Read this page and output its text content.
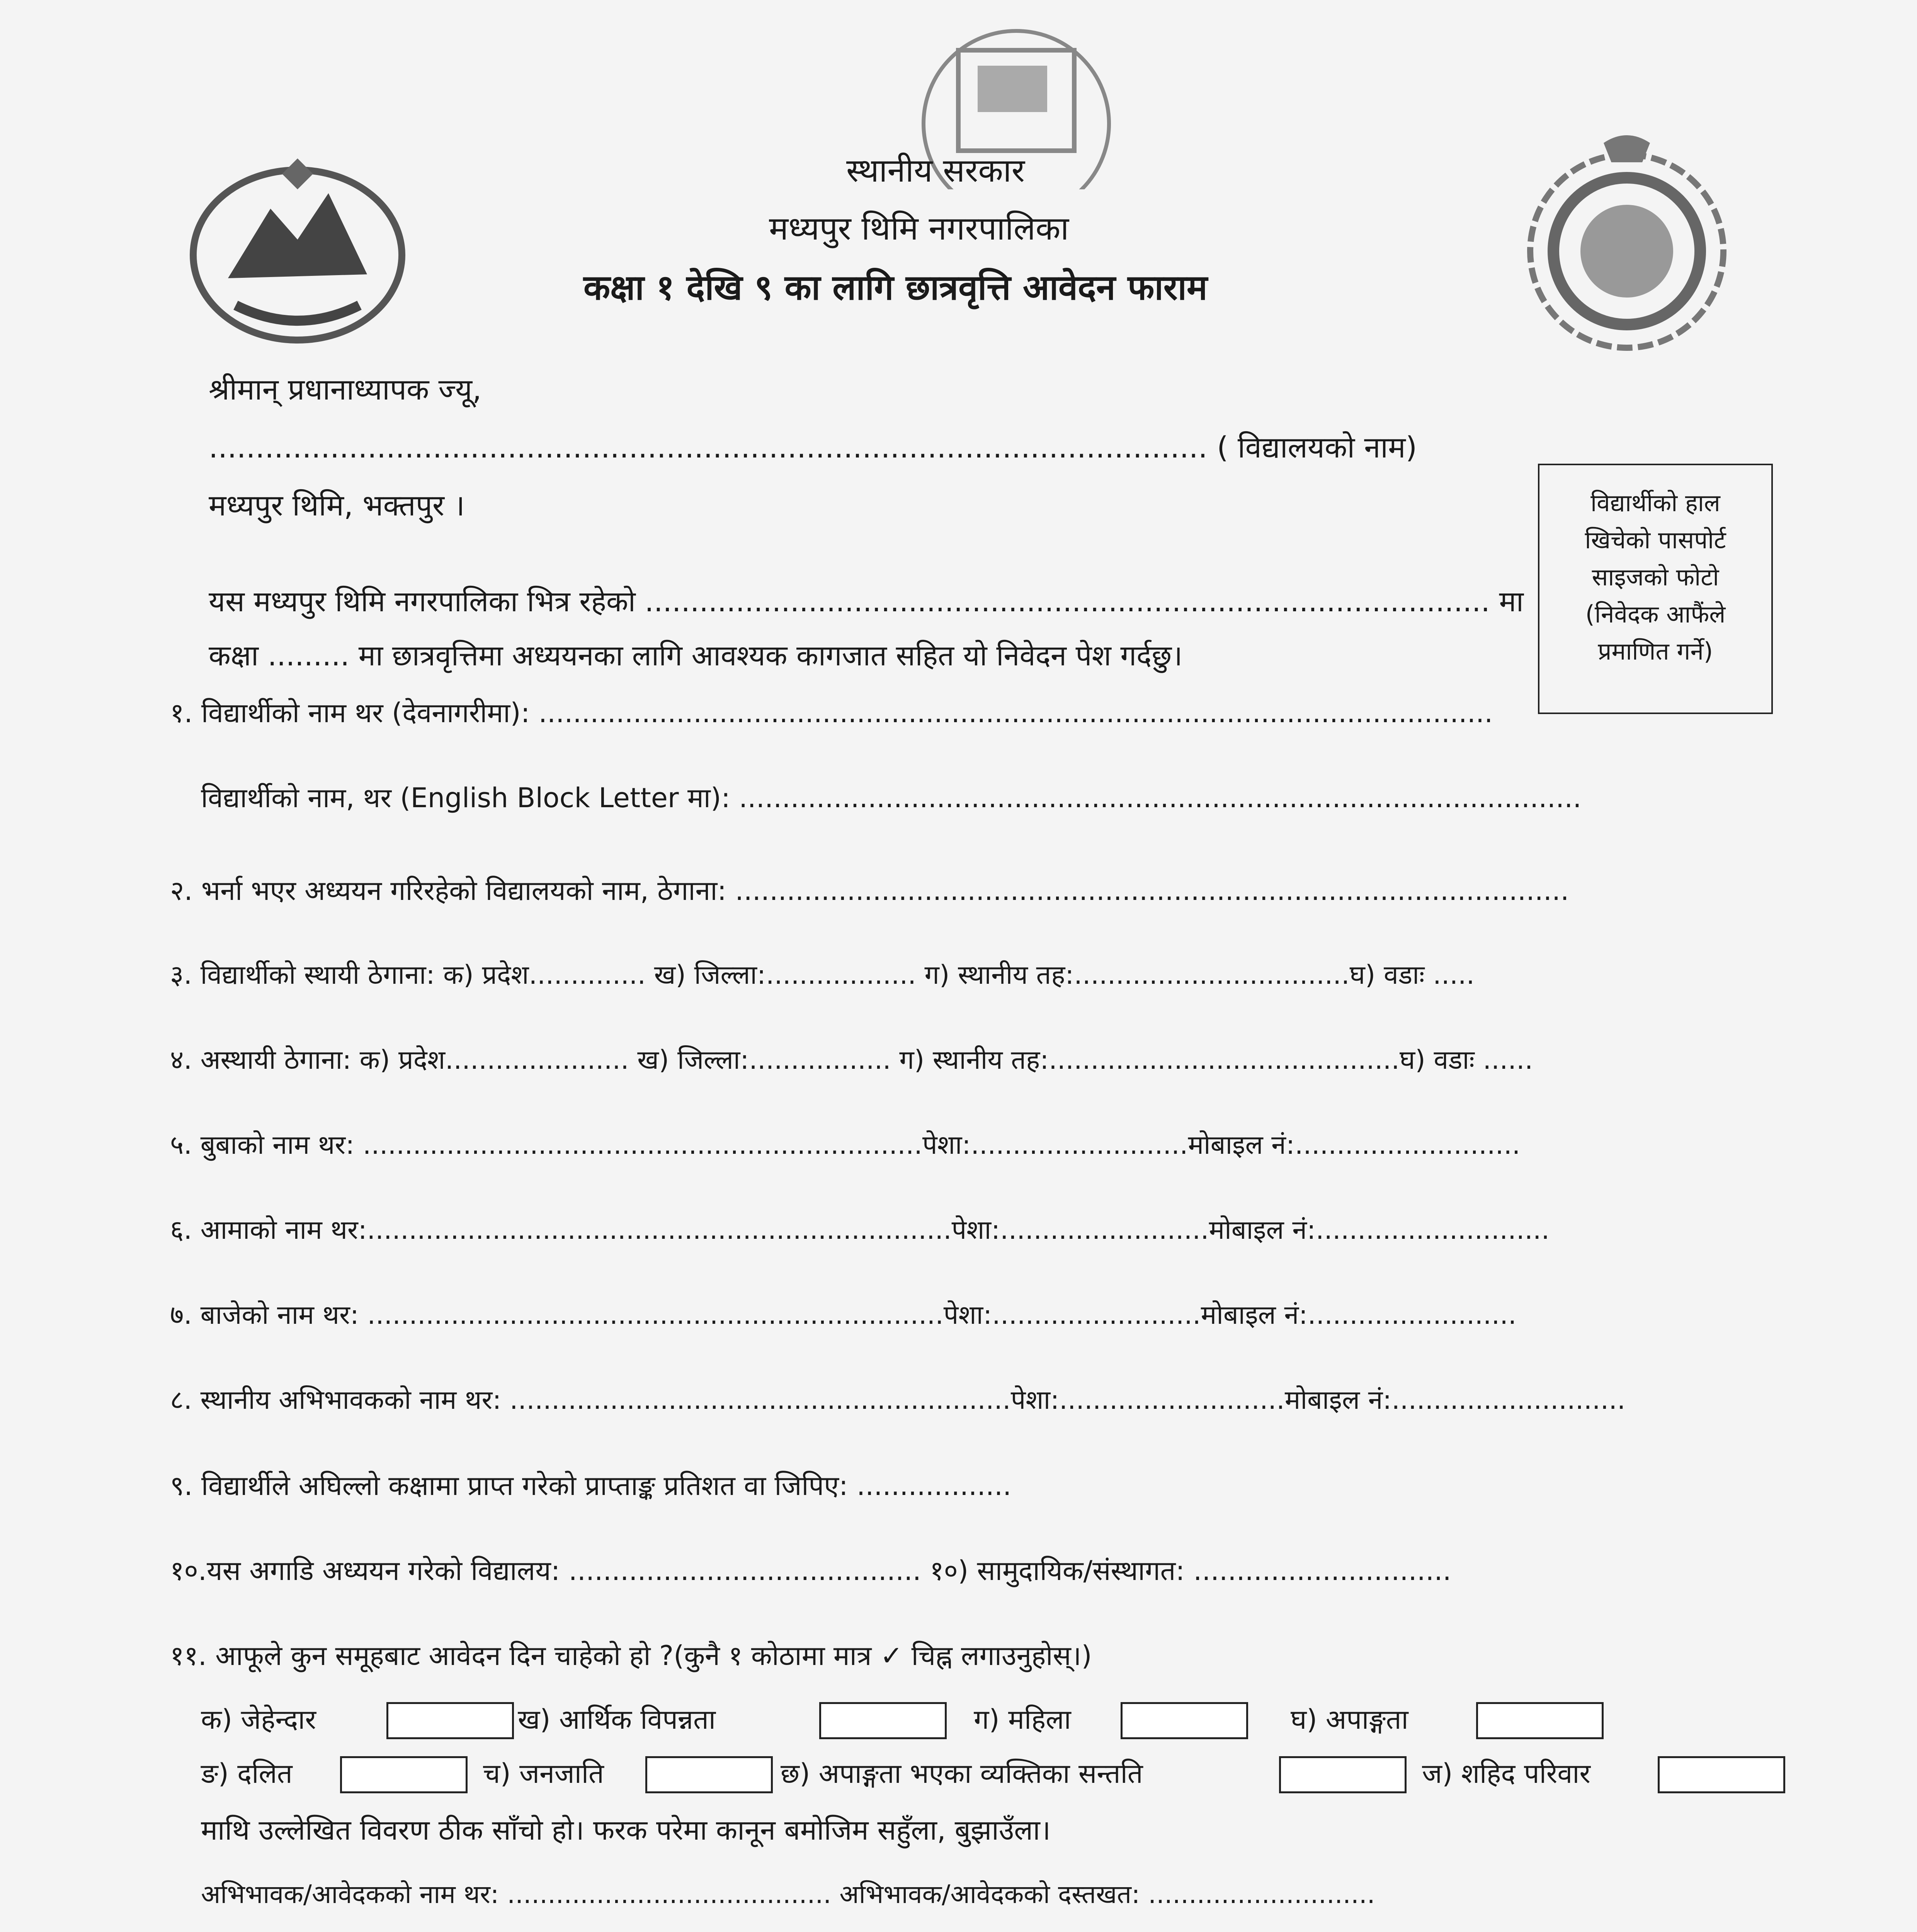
स्थानीय सरकार
मध्यपुर थिमि नगरपालिका
कक्षा १ देखि ९ का लागि छात्रवृत्ति आवेदन फाराम
श्रीमान् प्रधानाध्यापक ज्यू,
........................................................................................................... ( विद्यालयको नाम)
मध्यपुर थिमि, भक्तपुर ।	विद्यार्थीको हाल
खिचेको पासपोर्ट
साइजको फोटो
(निवेदक आफैंले
प्रमाणित गर्ने)
यस मध्यपुर थिमि नगरपालिका भित्र रहेको ............................................................................................. मा
कक्षा ......... मा छात्रवृत्तिमा अध्ययनका लागि आवश्यक कागजात सहित यो निवेदन पेश गर्दछु।
१. विद्यार्थीको नाम थर (देवनागरीमा): ...............................................................................................................
विद्यार्थीको नाम, थर (English Block Letter मा): ..................................................................................................
२. भर्ना भएर अध्ययन गरिरहेको विद्यालयको नाम, ठेगाना: .................................................................................................
३. विद्यार्थीको स्थायी ठेगाना: क) प्रदेश.............. ख) जिल्ला:.................. ग) स्थानीय तह:.................................घ) वडाः .....
४. अस्थायी ठेगाना: क) प्रदेश...................... ख) जिल्ला:................. ग) स्थानीय तह:..........................................घ) वडाः ......
५. बुबाको नाम थर: ...................................................................पेशा:..........................मोबाइल नं:...........................
६. आमाको नाम थर:......................................................................पेशा:.........................मोबाइल नं:............................
७. बाजेको नाम थर: .....................................................................पेशा:.........................मोबाइल नं:.........................
८. स्थानीय अभिभावकको नाम थर: ............................................................पेशा:...........................मोबाइल नं:............................
९. विद्यार्थीले अघिल्लो कक्षामा प्राप्त गरेको प्राप्ताङ्क प्रतिशत वा जिपिए: ..................
१०.यस अगाडि अध्ययन गरेको विद्यालय: ......................................... १०) सामुदायिक/संस्थागत: ..............................
११. आफूले कुन समूहबाट आवेदन दिन चाहेको हो ?(कुनै १ कोठामा मात्र ✓ चिह्न लगाउनुहोस्।)
क) जेहेन्दार	ख) आर्थिक विपन्नता	ग) महिला	घ) अपाङ्गता
ङ) दलित	च) जनजाति	छ) अपाङ्गता भएका व्यक्तिका सन्तति	ज) शहिद परिवार
माथि उल्लेखित विवरण ठीक साँचो हो। फरक परेमा कानून बमोजिम सहुँला, बुझाउँला।
अभिभावक/आवेदकको नाम थर: ........................................ अभिभावक/आवेदकको दस्तखत: ............................
